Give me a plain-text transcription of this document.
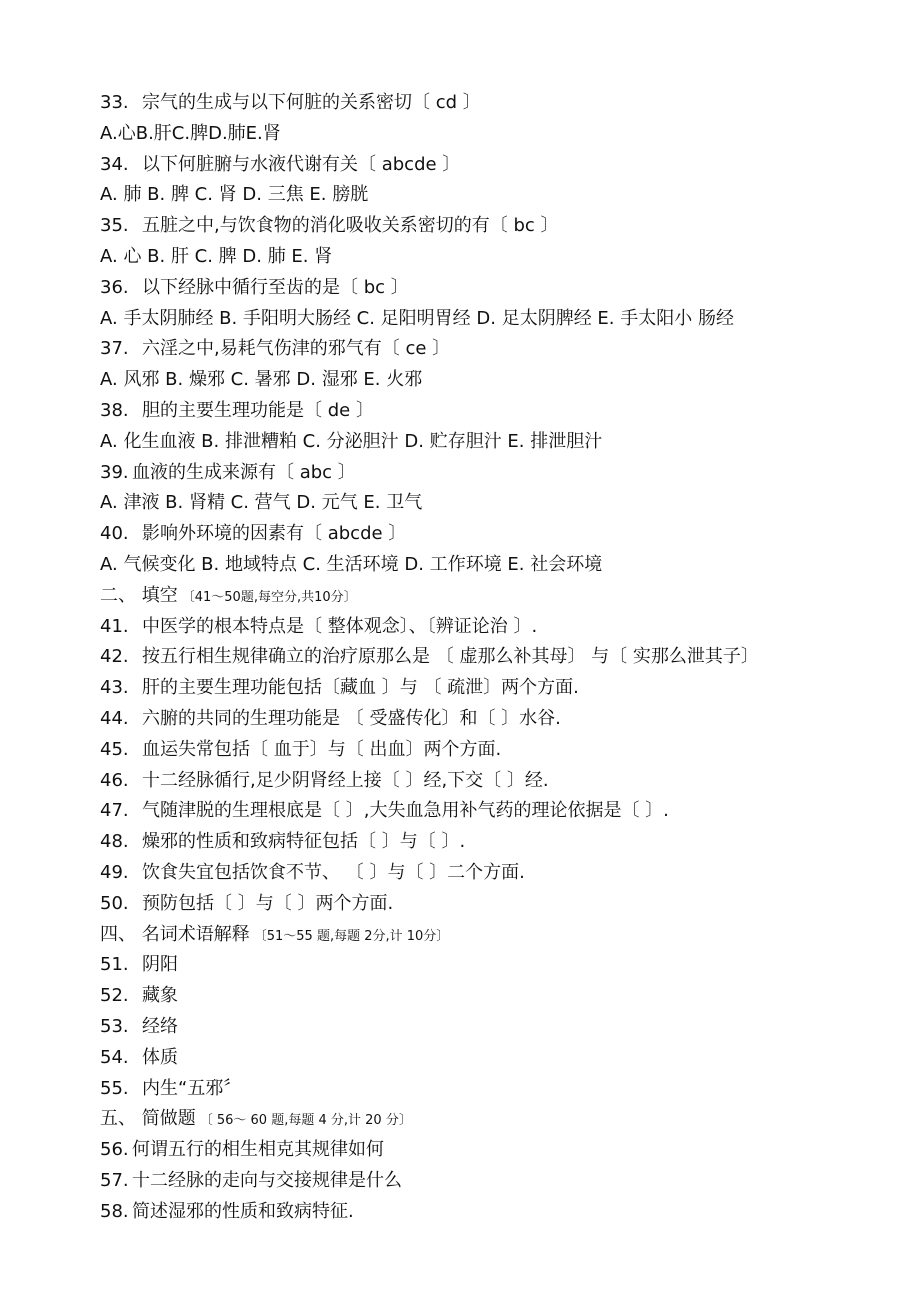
33. 宗气的生成与以下何脏的关系密切〔 cd 〕
A.心B.肝C.脾D.肺E.肾
34. 以下何脏腑与水液代谢有关〔 abcde 〕
A. 肺 B. 脾 C. 肾 D. 三焦 E. 膀胱
35. 五脏之中,与饮食物的消化吸收关系密切的有〔 bc 〕
A. 心 B. 肝 C. 脾 D. 肺 E. 肾
36. 以下经脉中循行至齿的是〔 bc 〕
A. 手太阴肺经 B. 手阳明大肠经 C. 足阳明胃经 D. 足太阴脾经 E. 手太阳小 肠经
37. 六淫之中,易耗气伤津的邪气有〔 ce 〕
A. 风邪 B. 燥邪 C. 暑邪 D. 湿邪 E. 火邪
38. 胆的主要生理功能是〔 de 〕
A. 化生血液 B. 排泄糟粕 C. 分泌胆汁 D. 贮存胆汁 E. 排泄胆汁
39. 血液的生成来源有〔 abc 〕
A. 津液 B. 肾精 C. 营气 D. 元气 E. 卫气
40. 影响外环境的因素有〔 abcde 〕
A. 气候变化 B. 地域特点 C. 生活环境 D. 工作环境 E. 社会环境
二、 填空 〔41～50题,每空分,共10分〕
41. 中医学的根本特点是〔 整体观念〕、〔辨证论治 〕.
42. 按五行相生规律确立的治疗原那么是 〔 虚那么补其母〕 与〔 实那么泄其子〕
43. 肝的主要生理功能包括〔藏血 〕与 〔 疏泄〕两个方面.
44. 六腑的共同的生理功能是 〔 受盛传化〕和〔 〕水谷.
45. 血运失常包括〔 血于〕与〔 出血〕两个方面.
46. 十二经脉循行,足少阴肾经上接〔 〕经,下交〔 〕经.
47. 气随津脱的生理根底是〔 〕,大失血急用补气药的理论依据是〔 〕.
48. 燥邪的性质和致病特征包括〔 〕与〔 〕.
49. 饮食失宜包括饮食不节、 〔 〕与〔 〕二个方面.
50. 预防包括〔 〕与〔 〕两个方面.
四、 名词术语解释 〔51～55 题,每题 2分,计 10分〕
51. 阴阳
52. 藏象
53. 经络
54. 体质
55. 内生“五邪〞
五、 简做题 〔 56～ 60 题,每题 4 分,计 20 分〕
56. 何谓五行的相生相克其规律如何
57. 十二经脉的走向与交接规律是什么
58. 简述湿邪的性质和致病特征.
